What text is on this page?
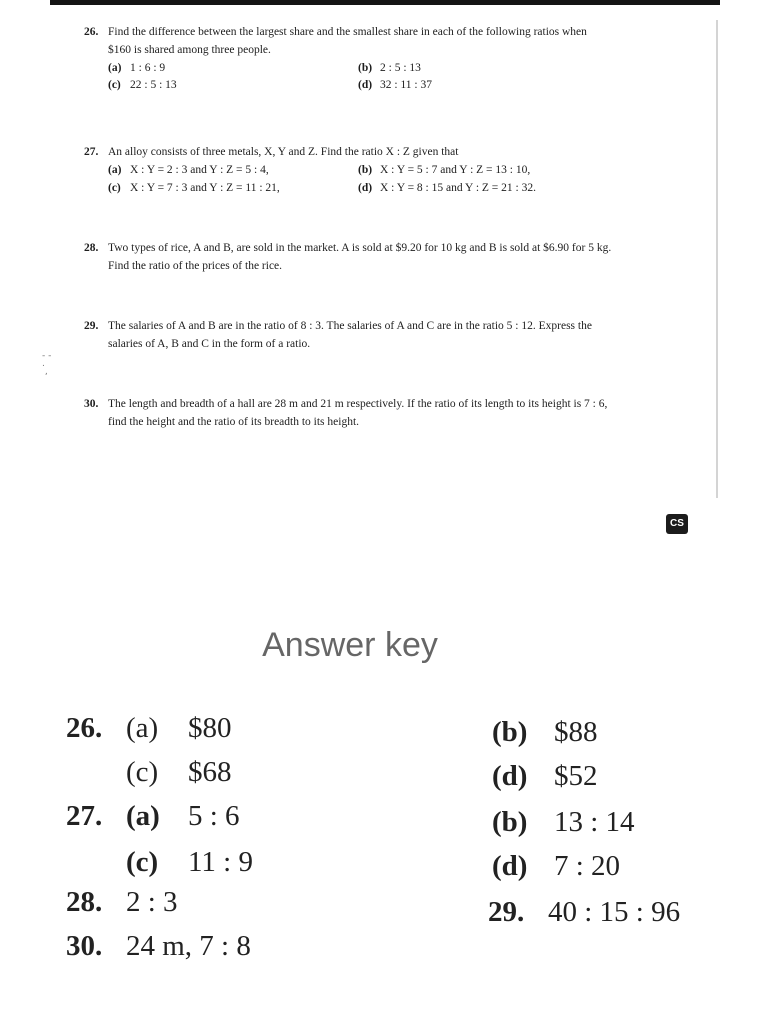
- -
.
,
26. Find the difference between the largest share and the smallest share in each of the following ratios when
$160 is shared among three people.
(a) 1 : 6 : 9	(b) 2 : 5 : 13
(c) 22 : 5 : 13	(d) 32 : 11 : 37
27. An alloy consists of three metals, X, Y and Z. Find the ratio X : Z given that
(a) X : Y = 2 : 3 and Y : Z = 5 : 4,	(b) X : Y = 5 : 7 and Y : Z = 13 : 10,
(c) X : Y = 7 : 3 and Y : Z = 11 : 21,	(d) X : Y = 8 : 15 and Y : Z = 21 : 32.
28. Two types of rice, A and B, are sold in the market. A is sold at $9.20 for 10 kg and B is sold at $6.90 for 5 kg.
Find the ratio of the prices of the rice.
29. The salaries of A and B are in the ratio of 8 : 3. The salaries of A and C are in the ratio 5 : 12. Express the
salaries of A, B and C in the form of a ratio.
30. The length and breadth of a hall are 28 m and 21 m respectively. If the ratio of its length to its height is 7 : 6,
find the height and the ratio of its breadth to its height.
CS
Answer key
26. (a) $80	(b) $88
(c) $68	(d) $52
27. (a) 5 : 6	(b) 13 : 14
(c) 11 : 9	(d) 7 : 20
28. 2 : 3	29. 40 : 15 : 96
30. 24 m, 7 : 8
